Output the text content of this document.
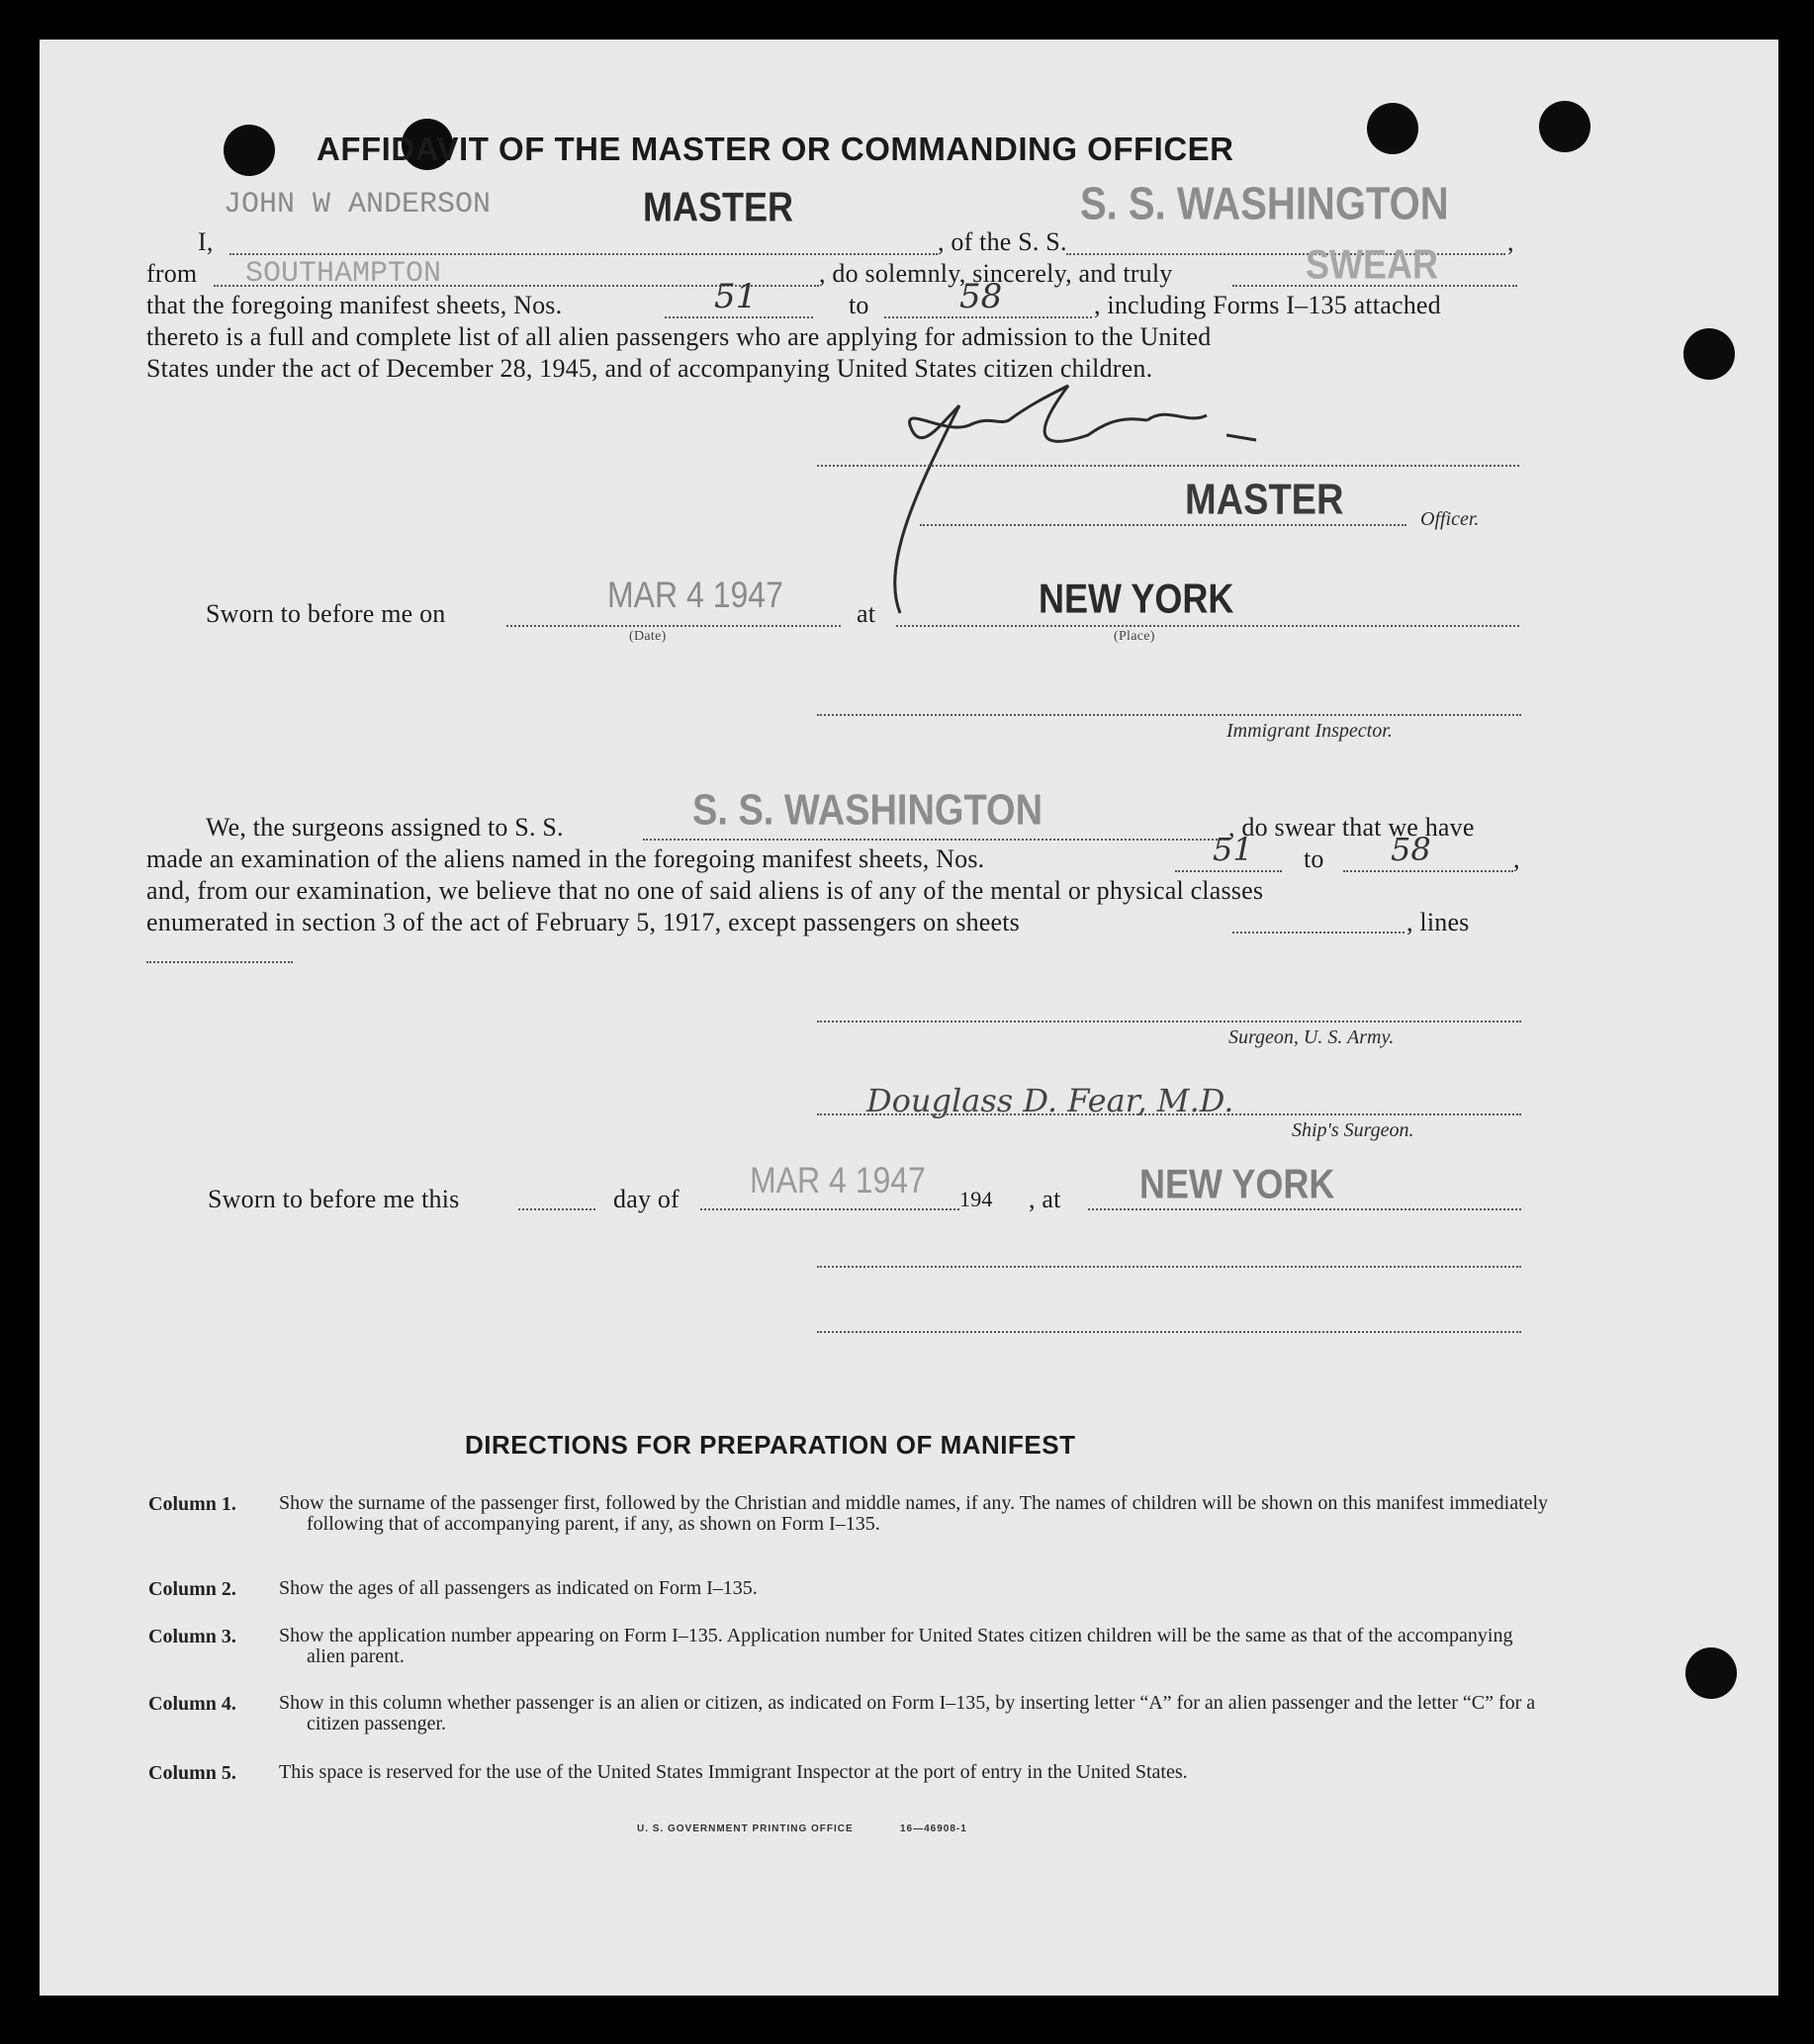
AFFIDAVIT OF THE MASTER OR COMMANDING OFFICER
JOHN W ANDERSON	MASTER	S. S. WASHINGTON
I,	, of the S. S.	,
from SOUTHAMPTON	, do solemnly, sincerely, and truly	SWEAR
that the foregoing manifest sheets, Nos.	51	to	58	, including Forms I–135 attached
thereto is a full and complete list of all alien passengers who are applying for admission to the United
States under the act of December 28, 1945, and of accompanying United States citizen children.
MASTER	Officer.
Sworn to before me on	MAR 4 1947	at	NEW YORK
(Date)	(Place)
Immigrant Inspector.
We, the surgeons assigned to S. S.	S. S. WASHINGTON	, do swear that we have
made an examination of the aliens named in the foregoing manifest sheets, Nos.	51 to 58	,
and, from our examination, we believe that no one of said aliens is of any of the mental or physical classes
enumerated in section 3 of the act of February 5, 1917, except passengers on sheets	, lines
Surgeon, U. S. Army.
Douglass D. Fear, M.D.
Ship's Surgeon.
Sworn to before me this	day of MAR 4 1947 194 , at NEW YORK
DIRECTIONS FOR PREPARATION OF MANIFEST
Column 1. Show the surname of the passenger first, followed by the Christian and middle names, if any. The names of children will be shown on this manifest immediately following that of accompanying parent, if any, as shown on Form I–135.
Column 2. Show the ages of all passengers as indicated on Form I–135.
Column 3. Show the application number appearing on Form I–135. Application number for United States citizen children will be the same as that of the accompanying alien parent.
Column 4. Show in this column whether passenger is an alien or citizen, as indicated on Form I–135, by inserting letter “A” for an alien passenger and the letter “C” for a citizen passenger.
Column 5. This space is reserved for the use of the United States Immigrant Inspector at the port of entry in the United States.
U. S. GOVERNMENT PRINTING OFFICE	16—46908-1
